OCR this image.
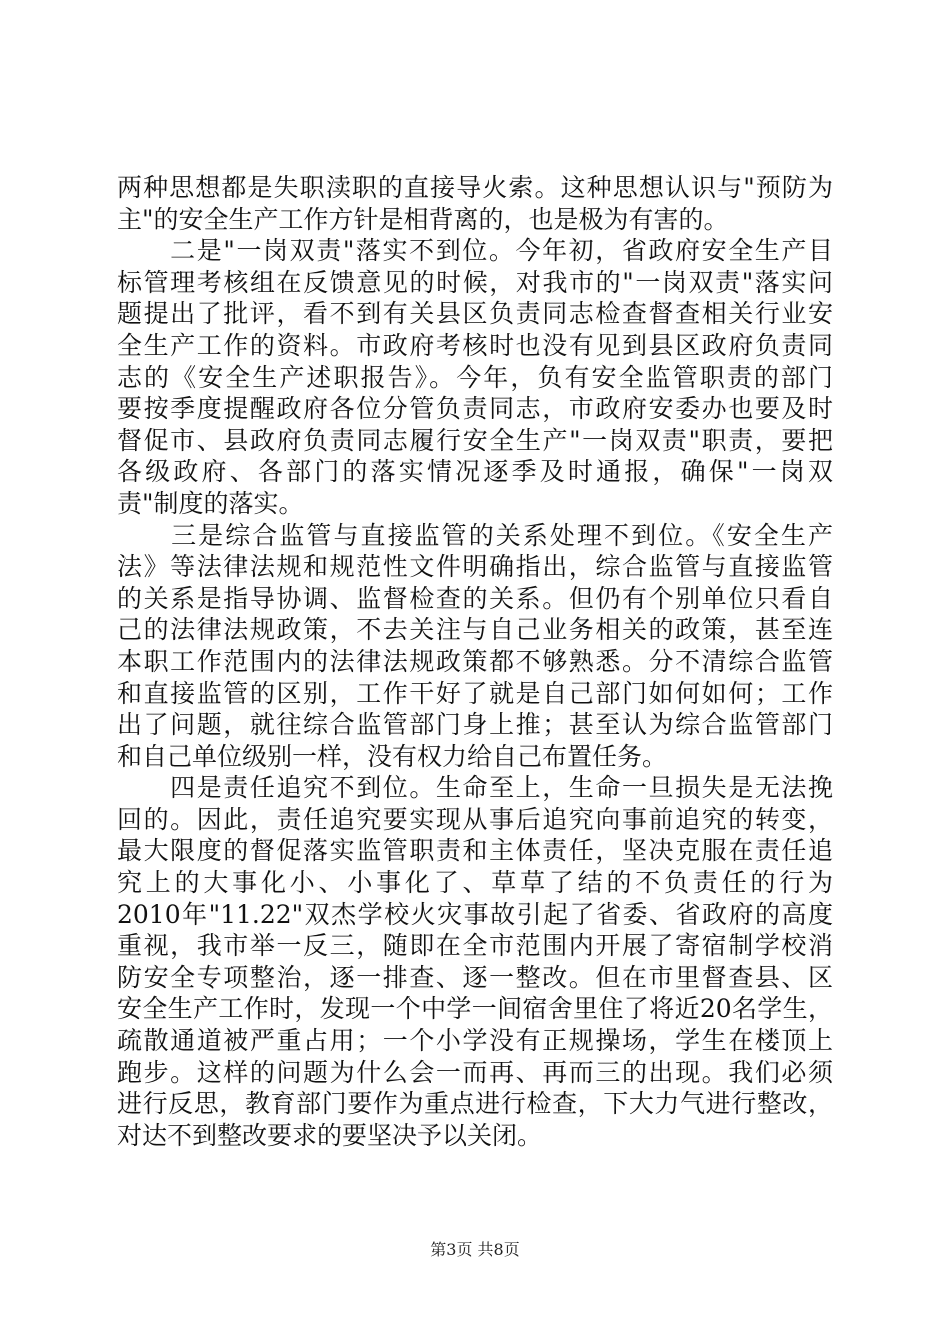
两种思想都是失职渎职的直接导火索。这种思想认识与"预防为
主"的安全生产工作方针是相背离的，也是极为有害的。
　　二是"一岗双责"落实不到位。今年初，省政府安全生产目
标管理考核组在反馈意见的时候，对我市的"一岗双责"落实问
题提出了批评，看不到有关县区负责同志检查督查相关行业安
全生产工作的资料。市政府考核时也没有见到县区政府负责同
志的《安全生产述职报告》。今年，负有安全监管职责的部门
要按季度提醒政府各位分管负责同志，市政府安委办也要及时
督促市、县政府负责同志履行安全生产"一岗双责"职责，要把
各级政府、各部门的落实情况逐季及时通报，确保"一岗双
责"制度的落实。
　　三是综合监管与直接监管的关系处理不到位。《安全生产
法》等法律法规和规范性文件明确指出，综合监管与直接监管
的关系是指导协调、监督检查的关系。但仍有个别单位只看自
己的法律法规政策，不去关注与自己业务相关的政策，甚至连
本职工作范围内的法律法规政策都不够熟悉。分不清综合监管
和直接监管的区别，工作干好了就是自己部门如何如何；工作
出了问题，就往综合监管部门身上推；甚至认为综合监管部门
和自己单位级别一样，没有权力给自己布置任务。
　　四是责任追究不到位。生命至上，生命一旦损失是无法挽
回的。因此，责任追究要实现从事后追究向事前追究的转变，
最大限度的督促落实监管职责和主体责任，坚决克服在责任追
究上的大事化小、小事化了、草草了结的不负责任的行为
2010年"11.22"双杰学校火灾事故引起了省委、省政府的高度
重视，我市举一反三，随即在全市范围内开展了寄宿制学校消
防安全专项整治，逐一排查、逐一整改。但在市里督查县、区
安全生产工作时，发现一个中学一间宿舍里住了将近20名学生，
疏散通道被严重占用；一个小学没有正规操场，学生在楼顶上
跑步。这样的问题为什么会一而再、再而三的出现。我们必须
进行反思，教育部门要作为重点进行检查，下大力气进行整改，
对达不到整改要求的要坚决予以关闭。
第3页 共8页
